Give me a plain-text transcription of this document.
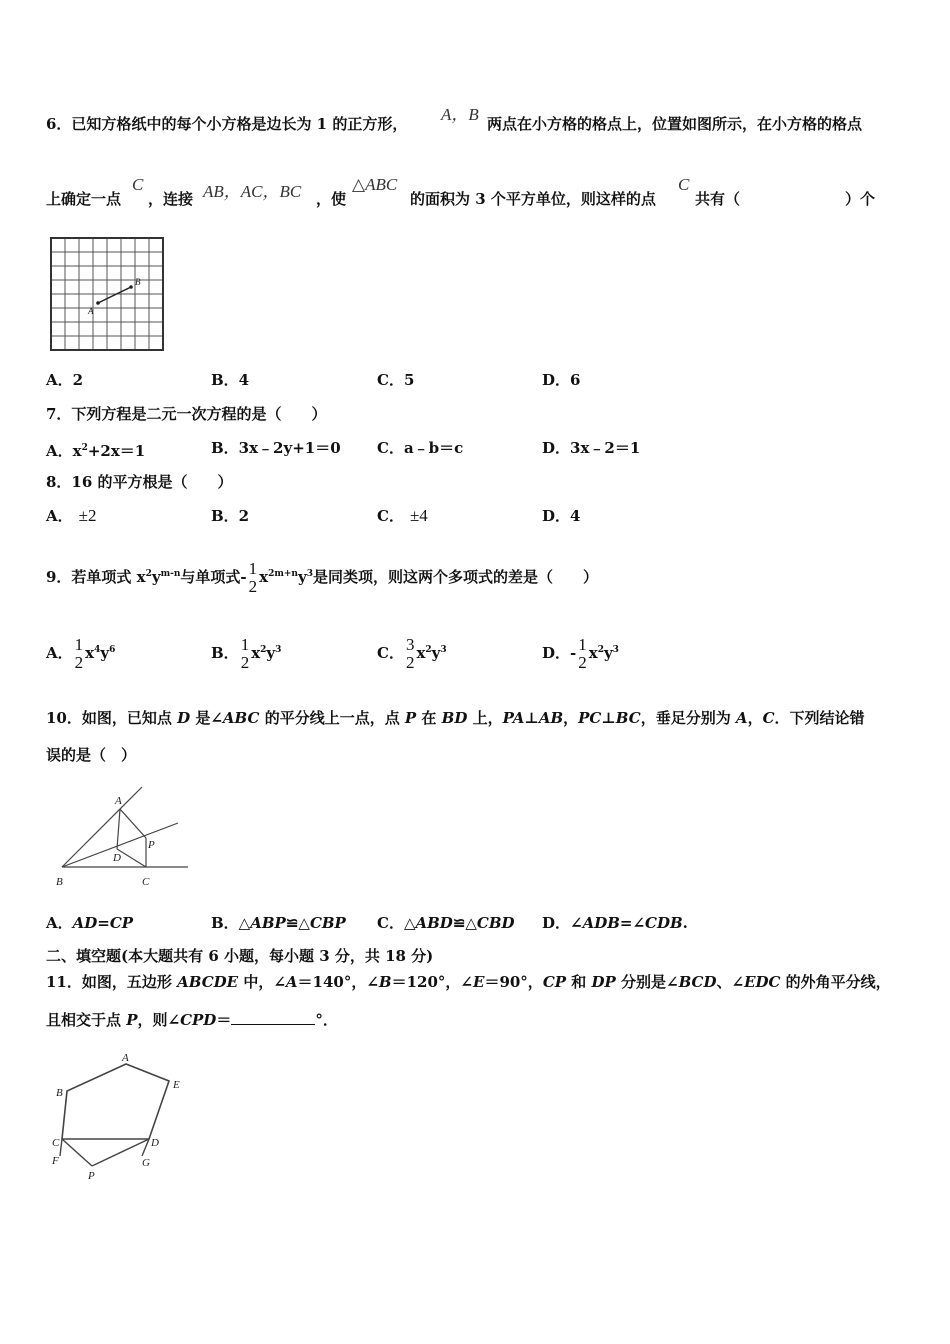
6．已知方格纸中的每个小方格是边长为 1 的正方形， A，B 两点在小方格的格点上，位置如图所示，在小方格的格点
上确定一点
C
，连接 AB，AC，BC ，使
△ABC
的面积为 3 个平方单位，则这样的点
C
共有（	）个
A
B
A．2	B．4	C．5	D．6
7．下列方程是二元一次方程的是（　　）
A．$x^2+2x=1$	B．3x﹣2y+1＝0 C．a﹣b＝c	D．3x﹣2＝1
8．16 的平方根是（　　）
A． ±2	B．2	C． ±4	D．4
9．若单项式 $x^2y^{m-n}$与单项式- 1
2 $x^{2m+n}y^3$是同类项，则这两个多项式的差是（　　）
A． 1
2 $x^4y^6$	B． 1
2 $x^2y^3$	C． 3
2 $x^2y^3$	D．- 1
2 $x^2y^3$
10．如图，已知点 D 是∠ABC 的平分线上一点，点 P 在 BD 上，PA⊥AB，PC⊥BC，垂足分别为 A，C．下列结论错
误的是（　）
A
D
P
B	C
A．AD=CP	B．△ABP≌△CBP C．△ABD≌△CBD D．∠ADB=∠CDB.
二、填空题(本大题共有 6 小题，每小题 3 分，共 18 分)
11．如图，五边形 ABCDE 中，∠A＝140°，∠B＝120°，∠E＝90°，CP 和 DP 分别是∠BCD、∠EDC 的外角平分线，
且相交于点 P，则∠CPD＝	°．
A
B
E
C	D
F	G
P
